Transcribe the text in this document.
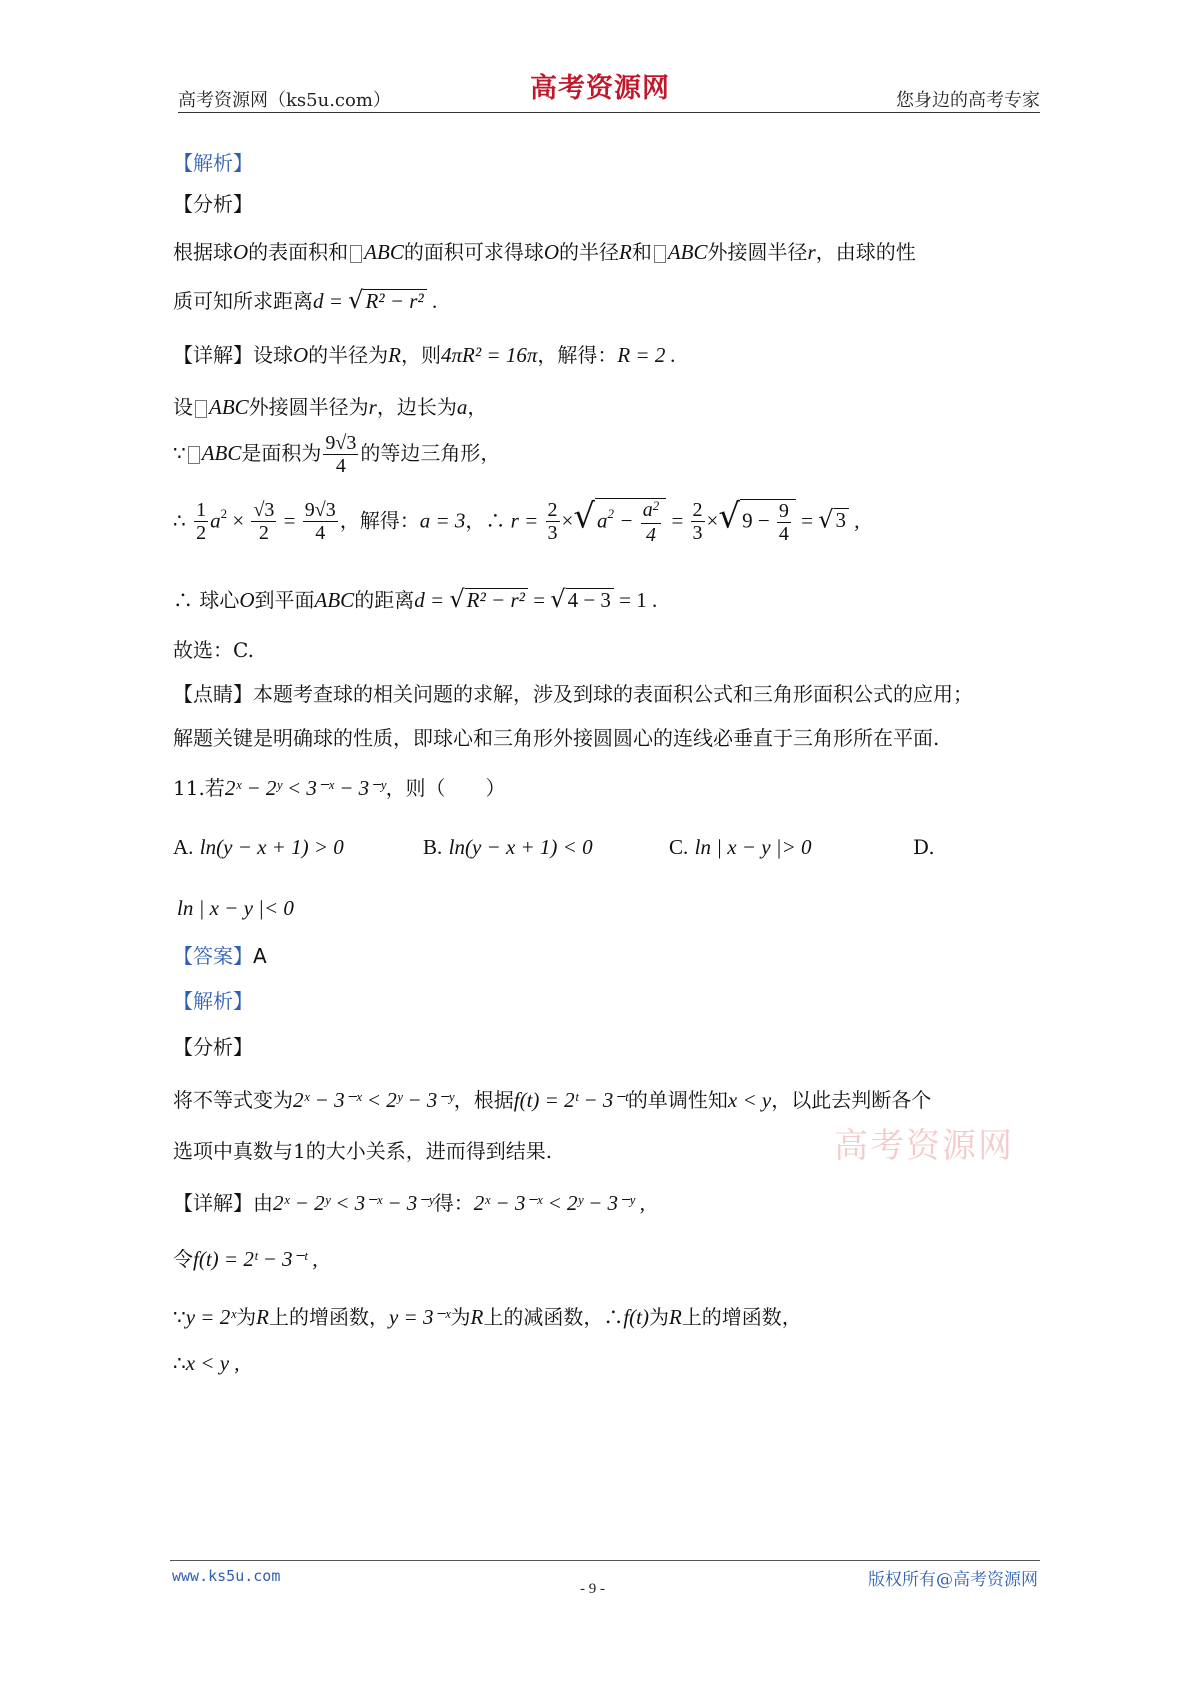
高考资源网（ks5u.com）	高考资源网	您身边的高考专家
【解析】
【分析】
根据球O的表面积和 ABC的面积可求得球O的半径R和 ABC外接圆半径r，由球的性
质可知所求距离d = √R² − r² .
【详解】设球O的半径为R，则4πR² = 16π，解得：R = 2 .
设 ABC外接圆半径为r，边长为a，
∵ ABC是面积为 $\frac{9√3}{4}$ 的等边三角形，
∴ $\frac{1}{2} a^2 \times \frac{√3}{2} = \frac{9√3}{4}$ ，解得：a = 3，∴ $r = \frac{2}{3} \times√a^2 - \frac{a^2}{4} = \frac{2}{3} \times√9 - \frac{9}{4} = √3$ ,
∴ 球心O到平面ABC的距离d = √R² − r² = √4 − 3 = 1 .
故选：C.
【点睛】本题考查球的相关问题的求解，涉及到球的表面积公式和三角形面积公式的应用；
解题关键是明确球的性质，即球心和三角形外接圆圆心的连线必垂直于三角形所在平面.
11.若2ˣ − 2ʸ < 3⁻ˣ − 3⁻ʸ，则（　　）
A. ln(y − x + 1) > 0	B. ln(y − x + 1) < 0	C. ln | x − y |> 0	D.
ln | x − y |< 0
【答案】A
【解析】
【分析】
将不等式变为2ˣ − 3⁻ˣ < 2ʸ − 3⁻ʸ，根据f(t) = 2ᵗ − 3⁻ᵗ的单调性知x < y，以此去判断各个
选项中真数与1的大小关系，进而得到结果.
【详解】由2ˣ − 2ʸ < 3⁻ˣ − 3⁻ʸ得：2ˣ − 3⁻ˣ < 2ʸ − 3⁻ʸ ,
令f(t) = 2ᵗ − 3⁻ᵗ ,
∵y = 2ˣ为R上的增函数，y = 3⁻ˣ为R上的减函数，∴f(t)为R上的增函数，
∴x < y ,
高考资源网
www.ks5u.com
- 9 -	版权所有@高考资源网
